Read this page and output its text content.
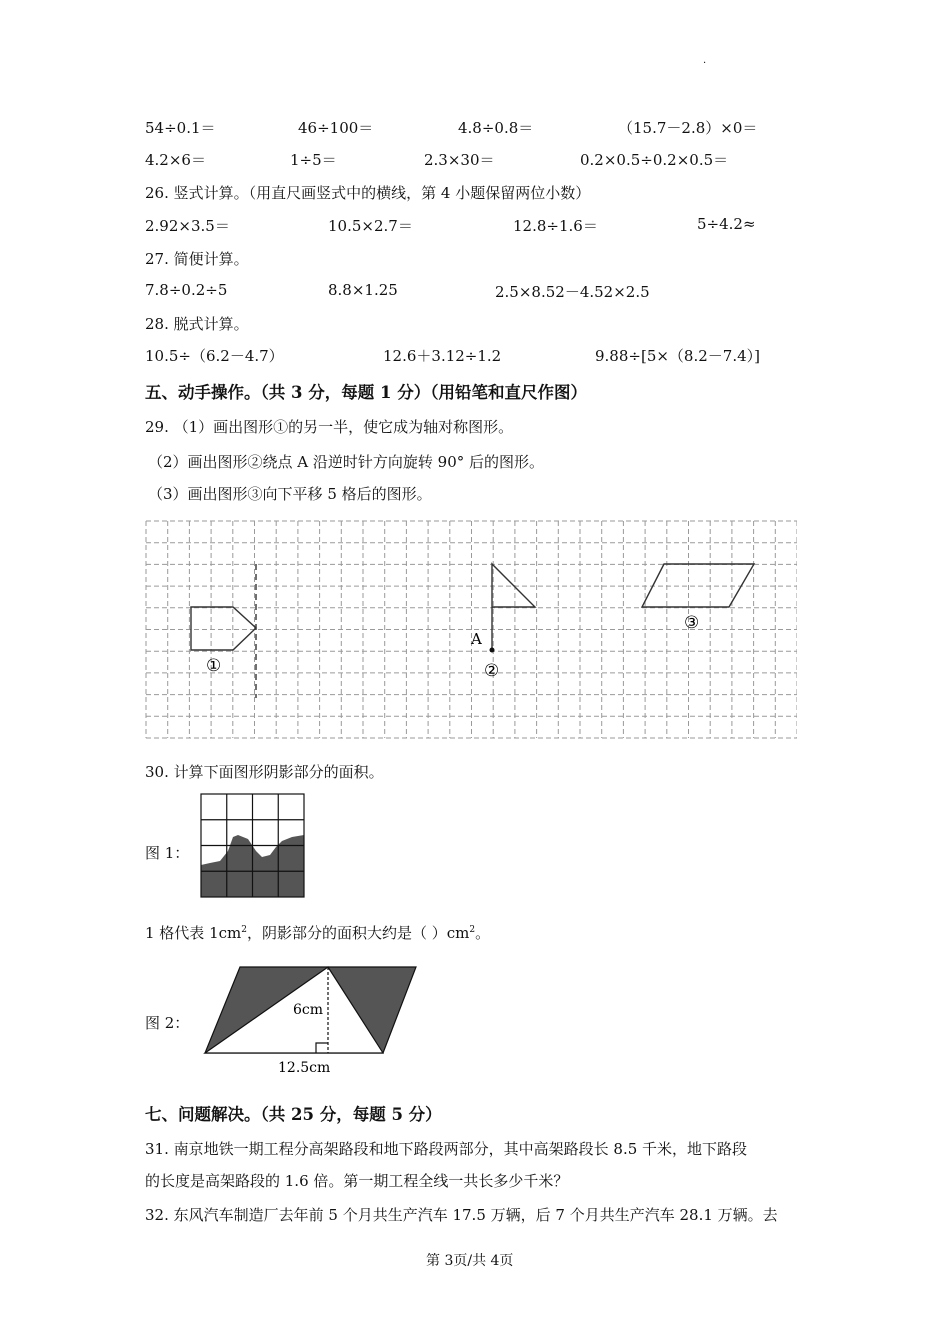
·
54÷0.1＝	46÷100＝	4.8÷0.8＝	（15.7－2.8）×0＝
4.2×6＝	1÷5＝	2.3×30＝	0.2×0.5÷0.2×0.5＝
26. 竖式计算。（用直尺画竖式中的横线，第 4 小题保留两位小数）
2.92×3.5＝	10.5×2.7＝	12.8÷1.6＝	5÷4.2≈
27. 简便计算。
7.8÷0.2÷5	8.8×1.25	2.5×8.52－4.52×2.5
28. 脱式计算。
10.5÷（6.2－4.7）	12.6＋3.12÷1.2	9.88÷[5×（8.2－7.4）]
五、动手操作。（共 3 分，每题 1 分）（用铅笔和直尺作图）
29. （1）画出图形①的另一半，使它成为轴对称图形。
（2）画出图形②绕点 A 沿逆时针方向旋转 90° 后的图形。
（3）画出图形③向下平移 5 格后的图形。
①
A
②
③
30. 计算下面图形阴影部分的面积。
图 1：
1 格代表 $1cm^2$，阴影部分的面积大约是（ ）$cm^2$。
图 2：
6cm
12.5cm
七、问题解决。（共 25 分，每题 5 分）
31. 南京地铁一期工程分高架路段和地下路段两部分，其中高架路段长 8.5 千米，地下路段
的长度是高架路段的 1.6 倍。第一期工程全线一共长多少千米？
32. 东风汽车制造厂去年前 5 个月共生产汽车 17.5 万辆，后 7 个月共生产汽车 28.1 万辆。去
第 3页/共 4页
